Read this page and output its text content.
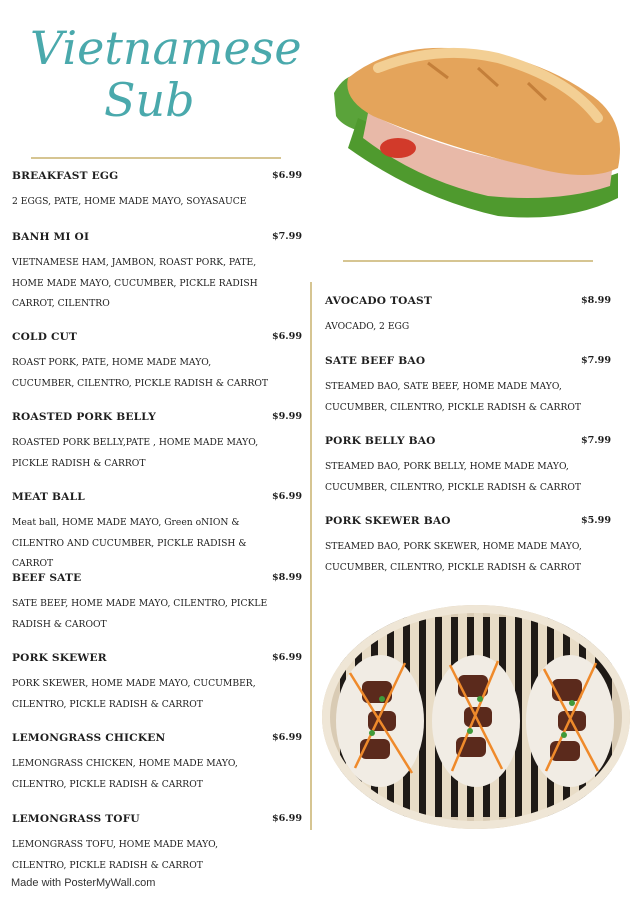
Vietnamese
Sub
BREAKFAST EGG	$6.99
2 EGGS, PATE, HOME MADE MAYO, SOYASAUCE
BANH MI OI	$7.99
VIETNAMESE HAM, JAMBON, ROAST PORK, PATE, HOME MADE MAYO, CUCUMBER, PICKLE RADISH CARROT, CILENTRO
COLD CUT	$6.99
ROAST PORK, PATE, HOME MADE MAYO, CUCUMBER, CILENTRO, PICKLE RADISH & CARROT
ROASTED PORK BELLY	$9.99
ROASTED PORK BELLY,PATE , HOME MADE MAYO, PICKLE RADISH & CARROT
MEAT BALL	$6.99
Meat ball, HOME MADE MAYO, Green oNION & CILENTRO AND CUCUMBER, PICKLE RADISH & CARROT
BEEF SATE	$8.99
SATE BEEF, HOME MADE MAYO, CILENTRO, PICKLE RADISH & CAROOT
PORK SKEWER	$6.99
PORK SKEWER, HOME MADE MAYO, CUCUMBER, CILENTRO, PICKLE RADISH & CARROT
LEMONGRASS CHICKEN	$6.99
LEMONGRASS CHICKEN, HOME MADE MAYO, CILENTRO, PICKLE RADISH & CARROT
LEMONGRASS TOFU	$6.99
LEMONGRASS TOFU, HOME MADE MAYO, CILENTRO, PICKLE RADISH & CARROT
AVOCADO TOAST	$8.99
AVOCADO, 2 EGG
SATE BEEF BAO	$7.99
STEAMED BAO, SATE BEEF, HOME MADE MAYO, CUCUMBER, CILENTRO, PICKLE RADISH & CARROT
PORK BELLY BAO	$7.99
STEAMED BAO, PORK BELLY, HOME MADE MAYO, CUCUMBER, CILENTRO, PICKLE RADISH & CARROT
PORK SKEWER BAO	$5.99
STEAMED BAO, PORK SKEWER, HOME MADE MAYO, CUCUMBER, CILENTRO, PICKLE RADISH & CARROT
Made with PosterMyWall.com
